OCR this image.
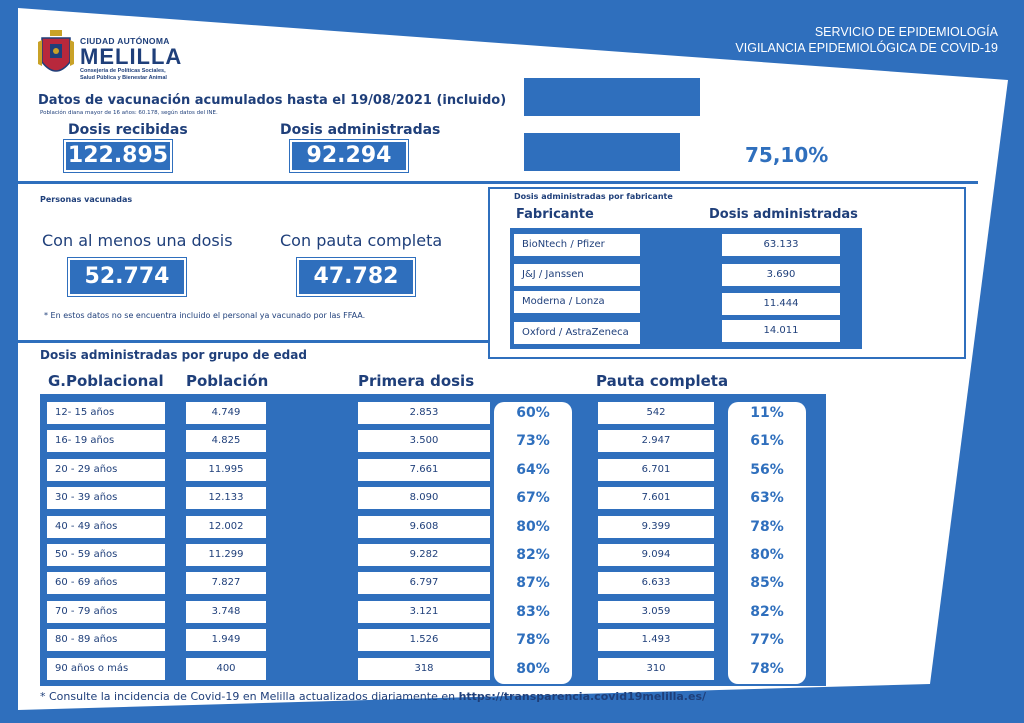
SERVICIO DE EPIDEMIOLOGÍA
VIGILANCIA EPIDEMIOLÓGICA DE COVID-19
CIUDAD AUTÓNOMA
MELILLA
Consejería de Políticas Sociales,
Salud Pública y Bienestar Animal
Datos de vacunación acumulados hasta el 19/08/2021 (incluido)
Población diana mayor de 16 años: 60.178, según datos del INE.
Dosis recibidas
122.895
Dosis administradas
92.294	75,10%
Personas vacunadas
Con al menos una dosis
52.774
Con pauta completa
47.782
* En estos datos no se encuentra incluido el personal ya vacunado por las FFAA.
Dosis administradas por fabricante
Fabricante	Dosis administradas
BioNtech / Pfizer	63.133
J&J / Janssen	3.690
Moderna / Lonza	11.444
Oxford / AstraZeneca	14.011
Dosis administradas por grupo de edad
G.Poblacional Población	Primera dosis	Pauta completa
12- 15 años	4.749	2.853	60%	542	11%
16- 19 años	4.825	3.500	73%	2.947	61%
20 - 29 años	11.995	7.661	64%	6.701	56%
30 - 39 años	12.133	8.090	67%	7.601	63%
40 - 49 años	12.002	9.608	80%	9.399	78%
50 - 59 años	11.299	9.282	82%	9.094	80%
60 - 69 años	7.827	6.797	87%	6.633	85%
70 - 79 años	3.748	3.121	83%	3.059	82%
80 - 89 años	1.949	1.526	78%	1.493	77%
90 años o más	400	318	80%	310	78%
* Consulte la incidencia de Covid-19 en Melilla actualizados diariamente en https://transparencia.covid19melilla.es/
